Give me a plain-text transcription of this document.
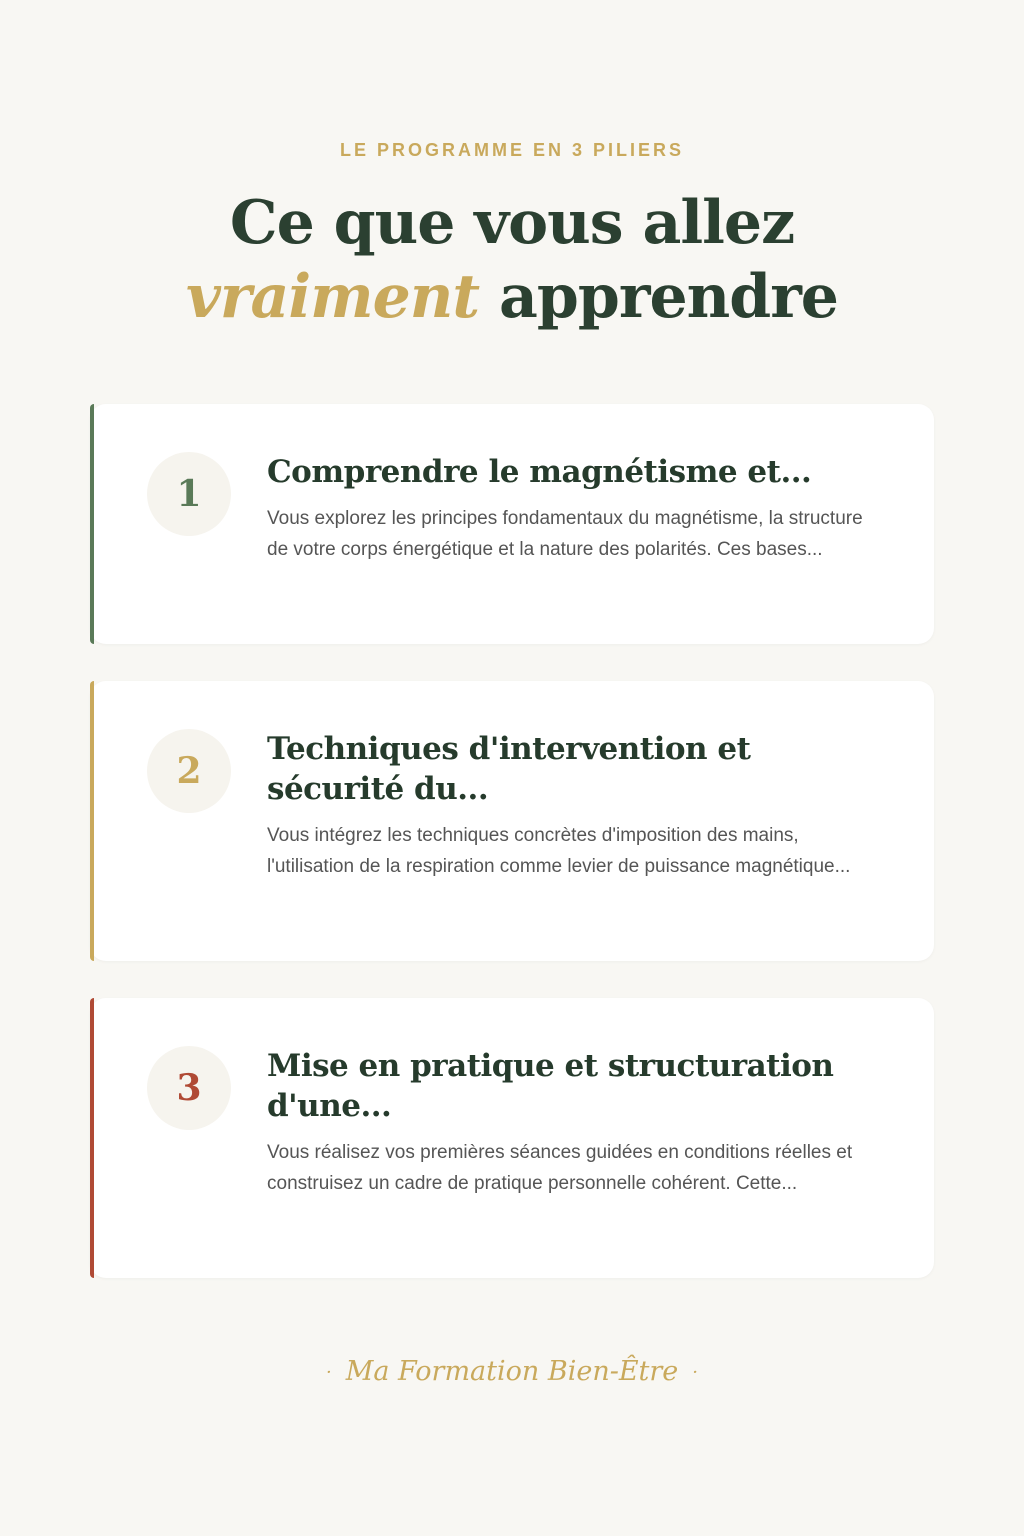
LE PROGRAMME EN 3 PILIERS
Ce que vous allez
vraiment apprendre
1
Comprendre le magnétisme et...
Vous explorez les principes fondamentaux du magnétisme, la structure de votre corps énergétique et la nature des polarités. Ces bases...
2
Techniques d'intervention et sécurité du...
Vous intégrez les techniques concrètes d'imposition des mains, l'utilisation de la respiration comme levier de puissance magnétique...
3
Mise en pratique et structuration d'une...
Vous réalisez vos premières séances guidées en conditions réelles et construisez un cadre de pratique personnelle cohérent. Cette...
· Ma Formation Bien-Être ·
